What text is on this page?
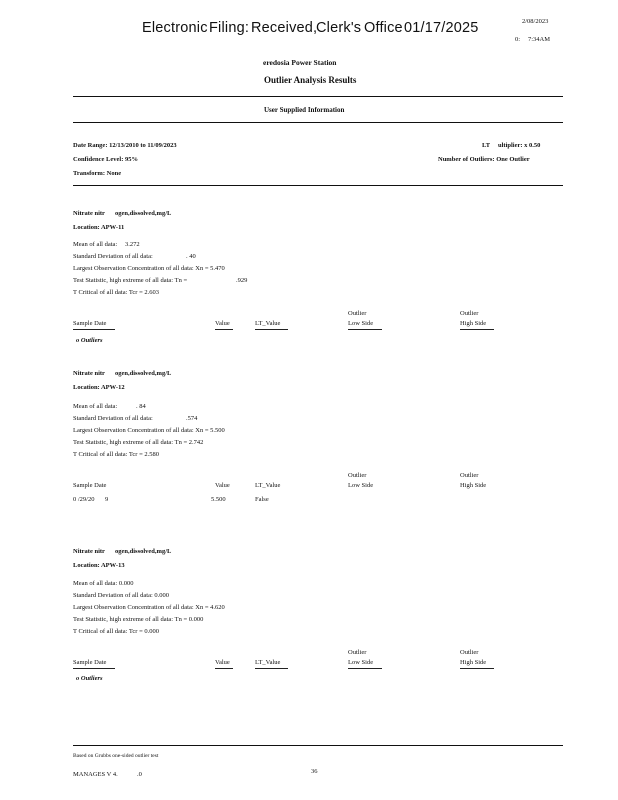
Electronic Filing: Received,
Clerk's Office 01/17/2025	2/08/2023
0: 7:34AM
eredosia Power Station
Outlier Analysis Results
User Supplied Information
Date Range: 12/13/2010 to 11/09/2023
Confidence Level: 95%
Transform: None
LT ultiplier: x 0.50
Number of Outliers: One Outlier
Nitrate nitr ogen,dissolved,mg/L
Location: APW-11
Mean of all data: 3.272
Standard Deviation of all data:	. 40
Largest Observation Concentration of all data: Xn = 5.470
Test Statistic, high extreme of all data: Tn =	.929
T Critical of all data: Tcr = 2.603
Outlier	Outlier
Sample Date	Value	LT_Value	Low Side	High Side
o Outliers
Nitrate nitr ogen,dissolved,mg/L
Location: APW-12
Mean of all data:	. 84
Standard Deviation of all data:	.574
Largest Observation Concentration of all data: Xn = 5.500
Test Statistic, high extreme of all data: Tn = 2.742
T Critical of all data: Tcr = 2.580
Outlier	Outlier
Sample Date	Value	LT_Value	Low Side	High Side
0 /29/20 9	5.500	False
Nitrate nitr ogen,dissolved,mg/L
Location: APW-13
Mean of all data: 0.000
Standard Deviation of all data: 0.000
Largest Observation Concentration of all data: Xn = 4.620
Test Statistic, high extreme of all data: Tn = 0.000
T Critical of all data: Tcr = 0.000
Outlier	Outlier
Sample Date	Value	LT_Value	Low Side	High Side
o Outliers
Based on Grubbs one-sided outlier test
MANAGES V 4.	.0	36
